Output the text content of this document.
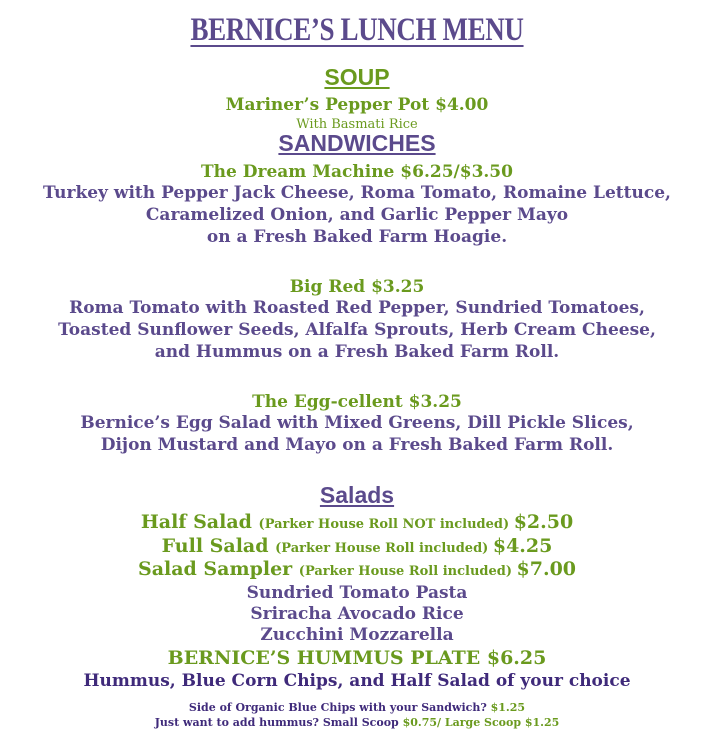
BERNICE’S LUNCH MENU
SOUP
Mariner’s Pepper Pot $4.00
With Basmati Rice
SANDWICHES
The Dream Machine $6.25/$3.50
Turkey with Pepper Jack Cheese, Roma Tomato, Romaine Lettuce,
Caramelized Onion, and Garlic Pepper Mayo
on a Fresh Baked Farm Hoagie.
Big Red $3.25
Roma Tomato with Roasted Red Pepper, Sundried Tomatoes,
Toasted Sunflower Seeds, Alfalfa Sprouts, Herb Cream Cheese,
and Hummus on a Fresh Baked Farm Roll.
The Egg-cellent $3.25
Bernice’s Egg Salad with Mixed Greens, Dill Pickle Slices,
Dijon Mustard and Mayo on a Fresh Baked Farm Roll.
Salads
Half Salad (Parker House Roll NOT included) $2.50
Full Salad (Parker House Roll included) $4.25
Salad Sampler (Parker House Roll included) $7.00
Sundried Tomato Pasta
Sriracha Avocado Rice
Zucchini Mozzarella
BERNICE’S HUMMUS PLATE $6.25
Hummus, Blue Corn Chips, and Half Salad of your choice
Side of Organic Blue Chips with your Sandwich? $1.25
Just want to add hummus? Small Scoop $0.75/ Large Scoop $1.25
